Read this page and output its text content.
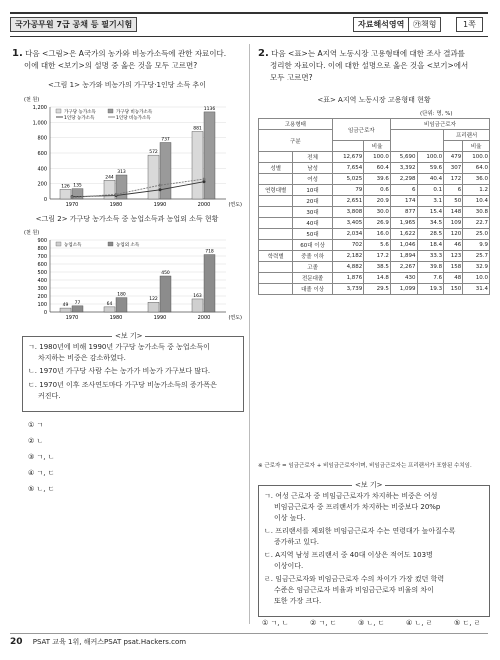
국가공무원 7급 공채 등 필기시험	자료해석영역	㉮책형	1쪽
1. 다음 <그림>은 A국가의 농가와 비농가소득에 관한 자료이다.
이에 대한 <보기>의 설명 중 옳은 것을 모두 고르면?
<그림 1> 농가와 비농가의 가구당·1인당 소득 추이
(천 원)
0
200
400
600
800
1,000
1,200
126 135
1970
244
313
1980
572
737
1990
881
1136
2000	(연도)
가구당 농가소득	가구당 비농가소득
1인당 농가소득	1인당 비농가소득
<그림 2> 가구당 농가소득 중 농업소득과 농업외 소득 현황
(천 원)
0
100
200
300
400
500
600
700
800
900
49 77
1970
64
180
1980
122
450
1990
163
718
2000	(연도)
농업소득	농업외 소득
<보 기>
ㄱ. 1980년에 비해 1990년 가구당 농가소득 중 농업소득이
차지하는 비중은 감소하였다.
ㄴ. 1970년 가구당 사람 수는 농가가 비농가 가구보다 많다.
ㄷ. 1970년 이후 조사연도마다 가구당 비농가소득의 증가폭은
커진다.
① ㄱ
② ㄴ
③ ㄱ, ㄴ
④ ㄱ, ㄷ
⑤ ㄴ, ㄷ
2. 다음 <표>는 A지역 노동시장 고용형태에 대한 조사 결과를
정리한 자료이다. 이에 대한 설명으로 옳은 것을 <보기>에서
모두 고르면?
<표> A지역 노동시장 고용형태 현황
(단위: 명, %)
고용형태		임금근로자		비임금근로자			
구분						프리랜서	
			비율				비율
	전체	12,679	100.0	5,690	100.0	479	100.0
성별	남성	7,654	60.4	3,392	59.6	307	64.0
	여성	5,025	39.6	2,298	40.4	172	36.0
연령대별	10대	79	0.6	6	0.1	6	1.2
	20대	2,651	20.9	174	3.1	50	10.4
	30대	3,808	30.0	877	15.4	148	30.8
	40대	3,405	26.9	1,965	34.5	109	22.7
	50대	2,034	16.0	1,622	28.5	120	25.0
	60대 이상	702	5.6	1,046	18.4	46	9.9
학력별	중졸 이하	2,182	17.2	1,894	33.3	123	25.7
	고졸	4,882	38.5	2,267	39.8	158	32.9
	전문대졸	1,876	14.8	430	7.6	48	10.0
	대졸 이상	3,739	29.5	1,099	19.3	150	31.4
※ 근로자 = 임금근로자 + 비임금근로자이며, 비임금근로자는 프리랜서가 포함된 수치임.
<보 기>
ㄱ. 여성 근로자 중 비임금근로자가 차지하는 비중은 여성
비임금근로자 중 프리랜서가 차지하는 비중보다 20%p
이상 높다.
ㄴ. 프리랜서를 제외한 비임금근로자 수는 연령대가 높아질수록
증가하고 있다.
ㄷ. A지역 남성 프리랜서 중 40대 이상은 적어도 103명
이상이다.
ㄹ. 임금근로자와 비임금근로자 수의 차이가 가장 컸던 학력
수준은 임금근로자 비율과 비임금근로자 비율의 차이
또한 가장 크다.
① ㄱ, ㄴ	② ㄱ, ㄷ	③ ㄴ, ㄷ	④ ㄴ, ㄹ	⑤ ㄷ, ㄹ
20 PSAT 교육 1위, 해커스PSAT psat.Hackers.com
